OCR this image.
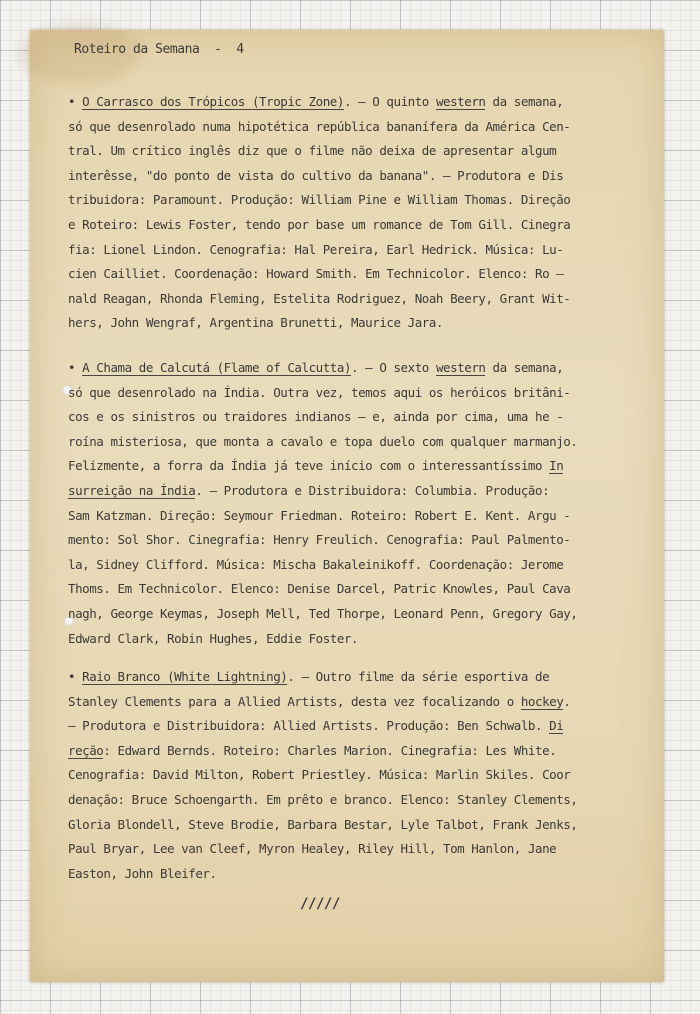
Roteiro da Semana  -  4
• O Carrasco dos Trópicos (Tropic Zone). — O quinto western da semana,
só que desenrolado numa hipotética república bananífera da América Cen-
tral. Um crítico inglês diz que o filme não deixa de apresentar algum
interêsse, "do ponto de vista do cultivo da banana". — Produtora e Dis
tribuidora: Paramount. Produção: William Pine e William Thomas. Direção
e Roteiro: Lewis Foster, tendo por base um romance de Tom Gill. Cinegra
fia: Lionel Lindon. Cenografia: Hal Pereira, Earl Hedrick. Música: Lu-
cien Cailliet. Coordenação: Howard Smith. Em Technicolor. Elenco: Ro —
nald Reagan, Rhonda Fleming, Estelita Rodriguez, Noah Beery, Grant Wit-
hers, John Wengraf, Argentina Brunetti, Maurice Jara.
• A Chama de Calcutá (Flame of Calcutta). — O sexto western da semana,
só que desenrolado na Índia. Outra vez, temos aqui os heróicos britâni-
cos e os sinistros ou traidores indianos — e, ainda por cima, uma he -
roína misteriosa, que monta a cavalo e topa duelo com qualquer marmanjo.
Felizmente, a forra da Índia já teve início com o interessantíssimo In
surreição na Índia. — Produtora e Distribuidora: Columbia. Produção:
Sam Katzman. Direção: Seymour Friedman. Roteiro: Robert E. Kent. Argu -
mento: Sol Shor. Cinegrafia: Henry Freulich. Cenografia: Paul Palmento-
la, Sidney Clifford. Música: Mischa Bakaleinikoff. Coordenação: Jerome
Thoms. Em Technicolor. Elenco: Denise Darcel, Patric Knowles, Paul Cava
nagh, George Keymas, Joseph Mell, Ted Thorpe, Leonard Penn, Gregory Gay,
Edward Clark, Robin Hughes, Eddie Foster.
• Raio Branco (White Lightning). — Outro filme da série esportiva de
Stanley Clements para a Allied Artists, desta vez focalizando o hockey.
— Produtora e Distribuidora: Allied Artists. Produção: Ben Schwalb. Di
reção: Edward Bernds. Roteiro: Charles Marion. Cinegrafia: Les White.
Cenografia: David Milton, Robert Priestley. Música: Marlin Skiles. Coor
denação: Bruce Schoengarth. Em prêto e branco. Elenco: Stanley Clements,
Gloria Blondell, Steve Brodie, Barbara Bestar, Lyle Talbot, Frank Jenks,
Paul Bryar, Lee van Cleef, Myron Healey, Riley Hill, Tom Hanlon, Jane
Easton, John Bleifer.
/////
